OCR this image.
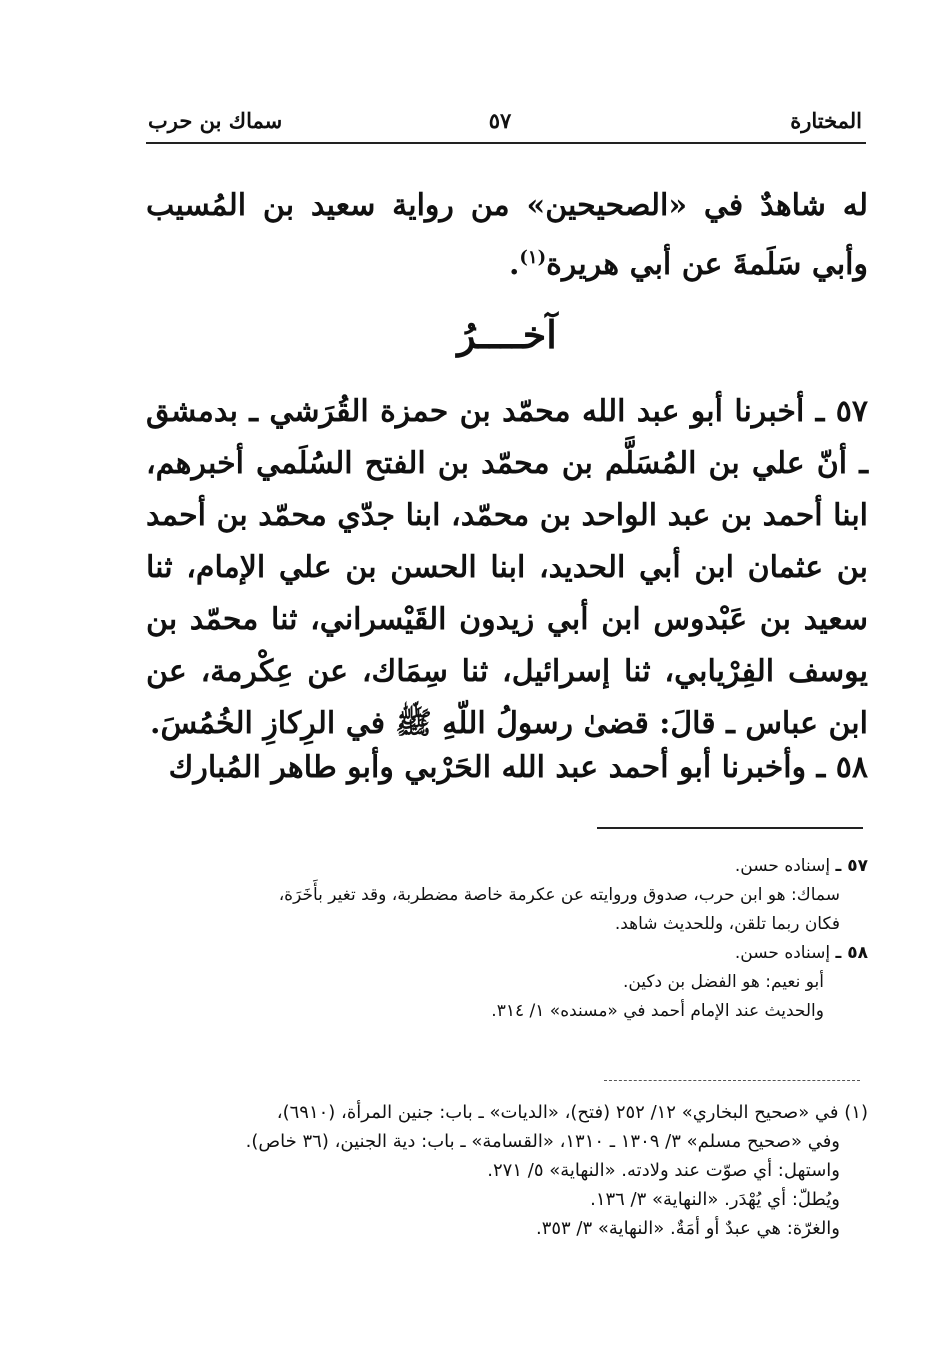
المختارة
٥٧
سماك بن حرب
له شاهدٌ في «الصحيحين» من رواية سعيد بن المُسيب وأبي سَلَمةَ عن أبي هريرة$^{(١)}$.
آخــــرُ
٥٧ ـ أخبرنا أبو عبد الله محمّد بن حمزة القُرَشي ـ بدمشق ـ أنّ علي بن المُسَلَّم بن محمّد بن الفتح السُلَمي أخبرهم، ابنا أحمد بن عبد الواحد بن محمّد، ابنا جدّي محمّد بن أحمد بن عثمان ابن أبي الحديد، ابنا الحسن بن علي الإمام، ثنا سعيد بن عَبْدوس ابن أبي زيدون القَيْسراني، ثنا محمّد بن يوسف الفِرْيابي، ثنا إسرائيل، ثنا سِمَاك، عن عِكْرمة، عن ابن عباس ـ قالَ: قضىٰ رسولُ اللّهِ ﷺ في الرِكازِ الخُمُسَ.
٥٨ ـ وأخبرنا أبو أحمد عبد الله الحَرْبي وأبو طاهر المُبارك
٥٧ ـ إسناده حسن.
سماك: هو ابن حرب، صدوق وروايته عن عكرمة خاصة مضطربة، وقد تغير بأَخَرَة،
فكان ربما تلقن، وللحديث شاهد.
٥٨ ـ إسناده حسن.
أبو نعيم: هو الفضل بن دكين.
والحديث عند الإمام أحمد في «مسنده» ١/ ٣١٤.
(١) في «صحيح البخاري» ١٢/ ٢٥٢ (فتح)، «الديات» ـ باب: جنين المرأة، (٦٩١٠)،
وفي «صحيح مسلم» ٣/ ١٣٠٩ ـ ١٣١٠، «القسامة» ـ باب: دية الجنين، (٣٦ خاص).
واستهل: أي صوّت عند ولادته. «النهاية» ٥/ ٢٧١.
ويُطلّ: أي يُهْدَر. «النهاية» ٣/ ١٣٦.
والغرّة: هي عبدٌ أو أمَةٌ. «النهاية» ٣/ ٣٥٣.
